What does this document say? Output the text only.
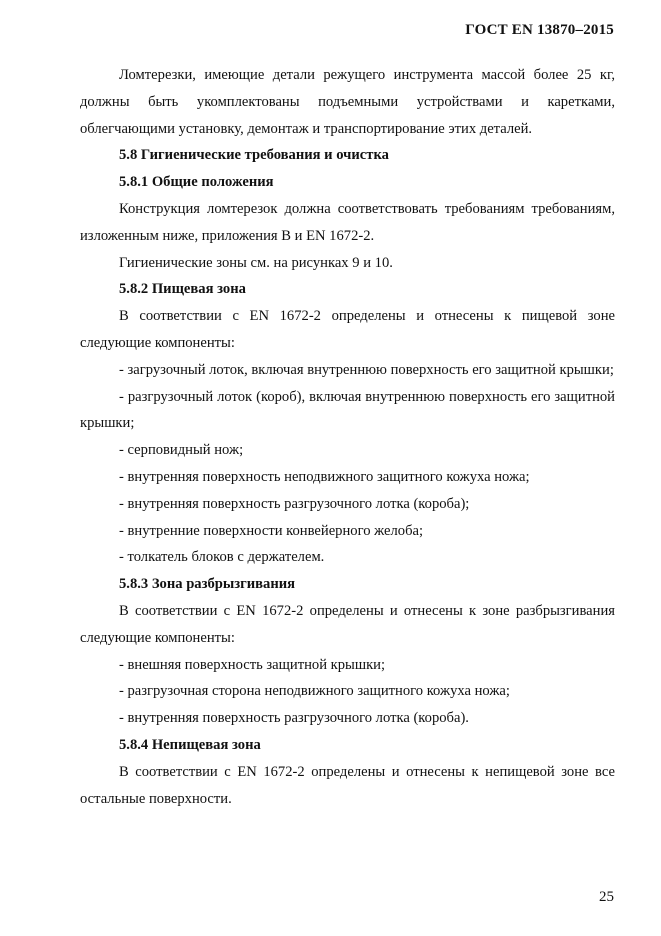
ГОСТ EN 13870–2015

Ломтерезки, имеющие детали режущего инструмента массой более 25 кг, должны быть укомплектованы подъемными устройствами и каретками, облегчающими установку, демонтаж и транспортирование этих деталей.

5.8 Гигиенические требования и очистка

5.8.1 Общие положения

Конструкция ломтерезок должна соответствовать требованиям требованиям, изложенным ниже, приложения В и EN 1672-2.

Гигиенические зоны см. на рисунках 9 и 10.

5.8.2 Пищевая зона

В соответствии с EN 1672-2 определены и отнесены к пищевой зоне следующие компоненты:

- загрузочный лоток, включая внутреннюю поверхность его защитной крышки;

- разгрузочный лоток (короб), включая внутреннюю поверхность его защитной крышки;

- серповидный нож;

- внутренняя поверхность неподвижного защитного кожуха ножа;

- внутренняя поверхность разгрузочного лотка (короба);

- внутренние поверхности конвейерного желоба;

- толкатель блоков с держателем.

5.8.3 Зона разбрызгивания

В соответствии с EN 1672-2 определены и отнесены к зоне разбрызгивания следующие компоненты:

- внешняя поверхность защитной крышки;

- разгрузочная сторона неподвижного защитного кожуха ножа;

- внутренняя поверхность разгрузочного лотка (короба).

5.8.4 Непищевая зона

В соответствии с EN 1672-2 определены и отнесены к непищевой зоне все остальные поверхности.

25
